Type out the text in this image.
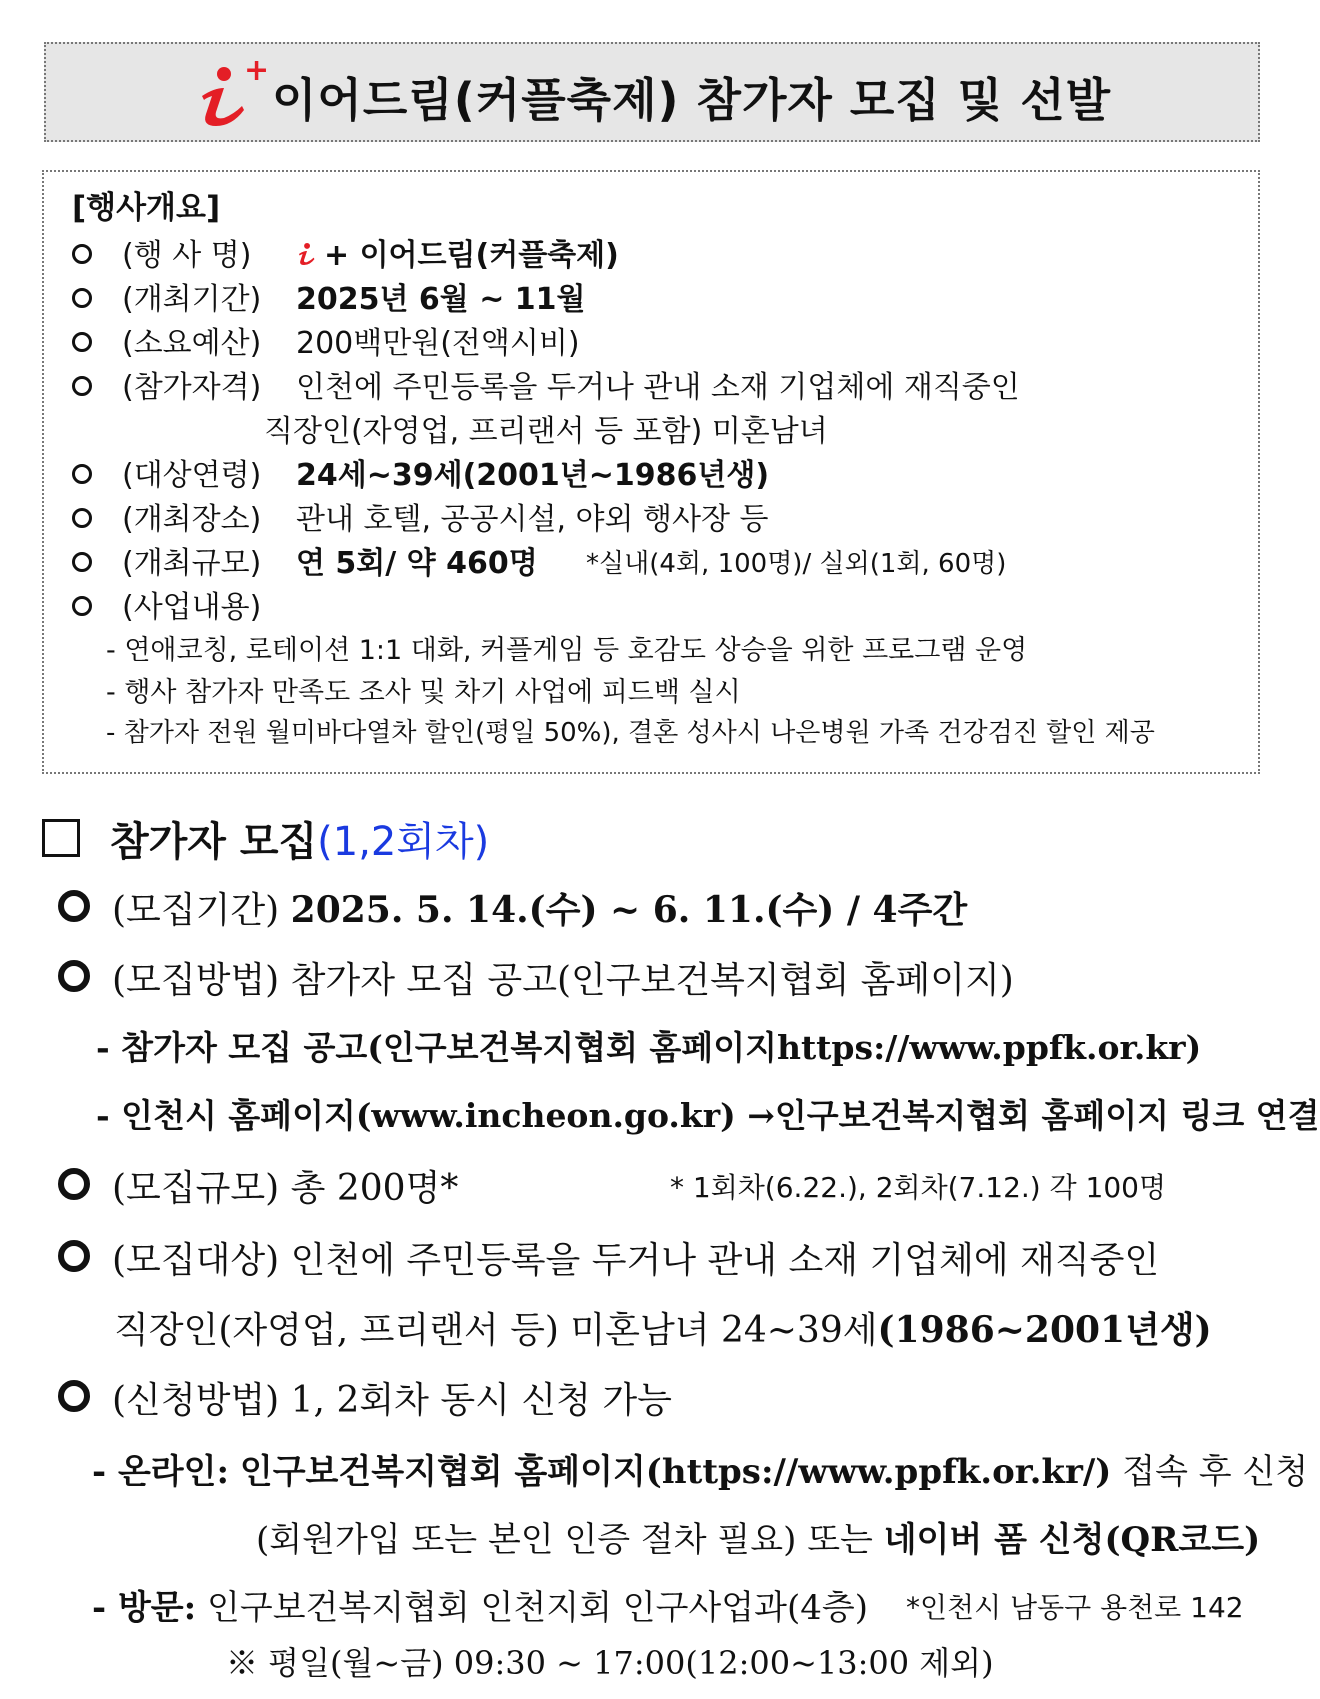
+
이어드림(커플축제) 참가자 모집 및 선발
[행사개요]
(행 사 명)	+ 이어드림(커플축제)
(개최기간) 2025년 6월 ~ 11월
(소요예산) 200백만원(전액시비)
(참가자격) 인천에 주민등록을 두거나 관내 소재 기업체에 재직중인
직장인(자영업, 프리랜서 등 포함) 미혼남녀
(대상연령) 24세~39세(2001년~1986년생)
(개최장소) 관내 호텔, 공공시설, 야외 행사장 등
(개최규모) 연 5회/ 약 460명 *실내(4회, 100명)/ 실외(1회, 60명)
(사업내용)
- 연애코칭, 로테이션 1:1 대화, 커플게임 등 호감도 상승을 위한 프로그램 운영
- 행사 참가자 만족도 조사 및 차기 사업에 피드백 실시
- 참가자 전원 월미바다열차 할인(평일 50%), 결혼 성사시 나은병원 가족 건강검진 할인 제공
참가자 모집(1,2회차)
(모집기간) 2025. 5. 14.(수) ~ 6. 11.(수) / 4주간
(모집방법) 참가자 모집 공고(인구보건복지협회 홈페이지)
- 참가자 모집 공고(인구보건복지협회 홈페이지https://www.ppfk.or.kr)
- 인천시 홈페이지(www.incheon.go.kr) →인구보건복지협회 홈페이지 링크 연결
(모집규모) 총 200명*	* 1회차(6.22.), 2회차(7.12.) 각 100명
(모집대상) 인천에 주민등록을 두거나 관내 소재 기업체에 재직중인
직장인(자영업, 프리랜서 등) 미혼남녀 24~39세(1986~2001년생)
(신청방법) 1, 2회차 동시 신청 가능
- 온라인: 인구보건복지협회 홈페이지(https://www.ppfk.or.kr/) 접속 후 신청
(회원가입 또는 본인 인증 절차 필요) 또는 네이버 폼 신청(QR코드)
- 방문: 인구보건복지협회 인천지회 인구사업과(4층) *인천시 남동구 용천로 142
※ 평일(월~금) 09:30 ~ 17:00(12:00~13:00 제외)
